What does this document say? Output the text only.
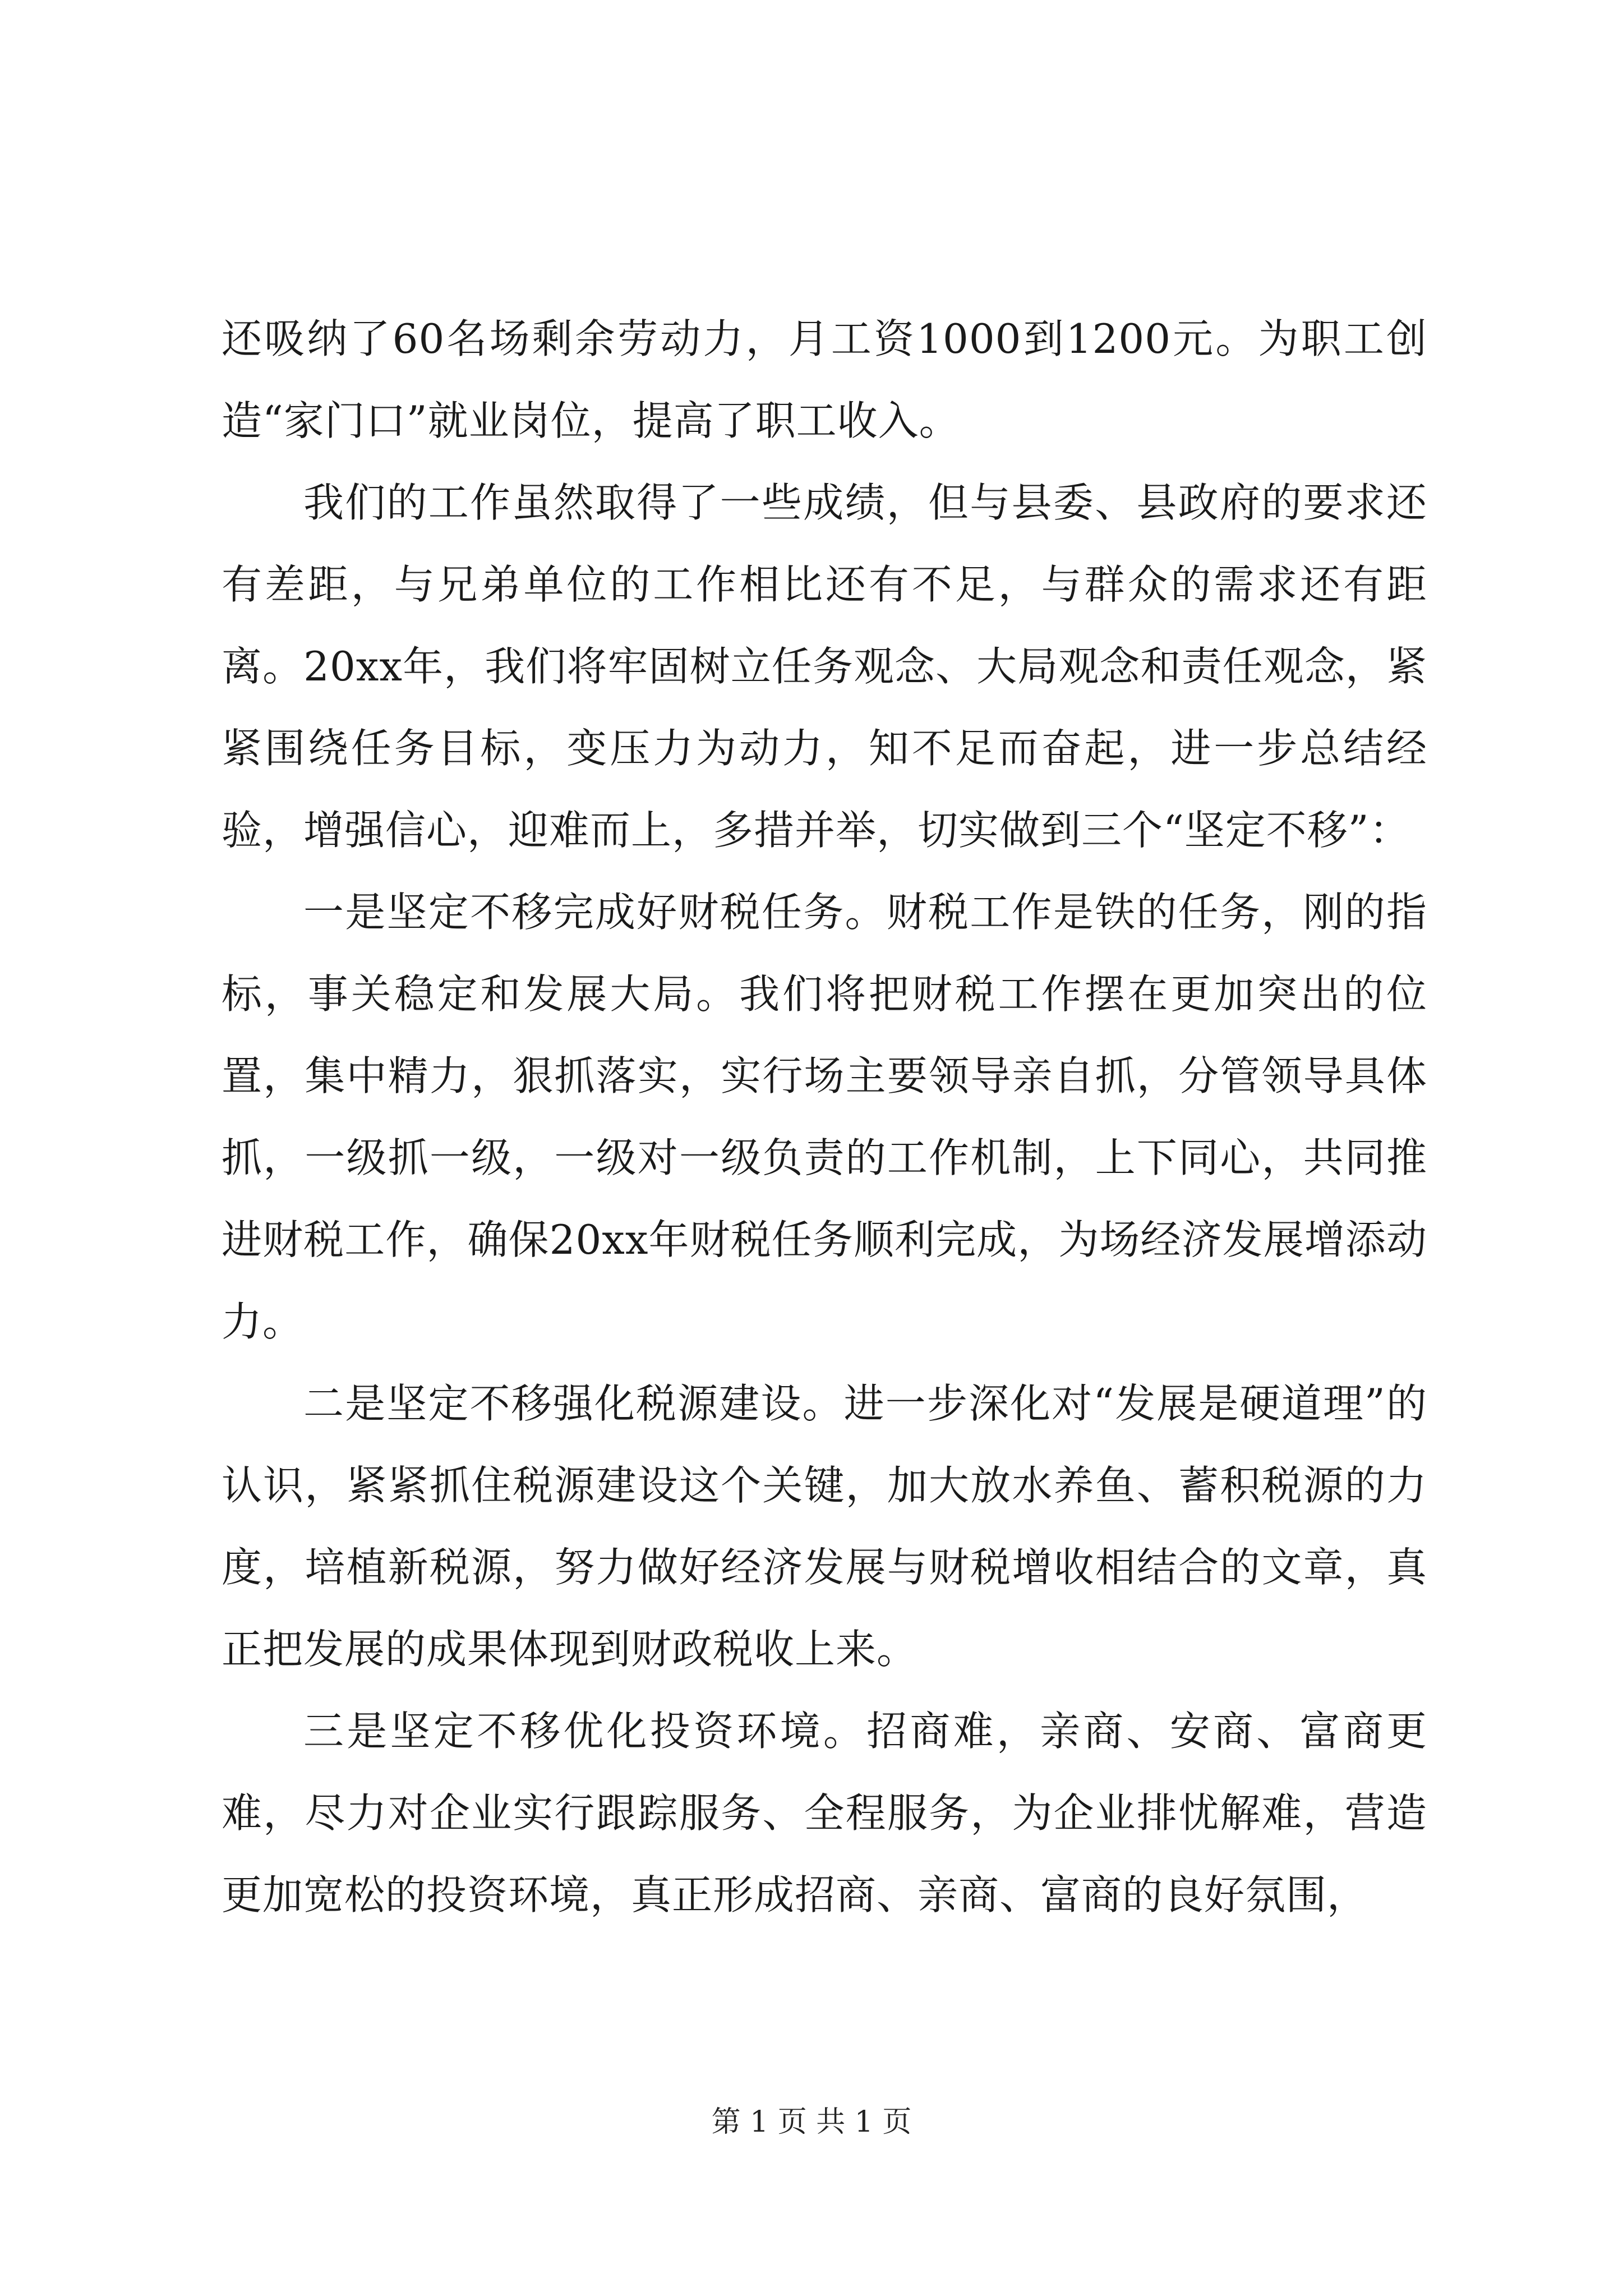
还吸纳了60名场剩余劳动力，月工资1000到1200元。为职工创造“家门口”就业岗位，提高了职工收入。

我们的工作虽然取得了一些成绩，但与县委、县政府的要求还有差距，与兄弟单位的工作相比还有不足，与群众的需求还有距离。20xx年，我们将牢固树立任务观念、大局观念和责任观念，紧紧围绕任务目标，变压力为动力，知不足而奋起，进一步总结经验，增强信心，迎难而上，多措并举，切实做到三个“坚定不移”：

一是坚定不移完成好财税任务。财税工作是铁的任务，刚的指标，事关稳定和发展大局。我们将把财税工作摆在更加突出的位置，集中精力，狠抓落实，实行场主要领导亲自抓，分管领导具体抓，一级抓一级，一级对一级负责的工作机制，上下同心，共同推进财税工作，确保20xx年财税任务顺利完成，为场经济发展增添动力。

二是坚定不移强化税源建设。进一步深化对“发展是硬道理”的认识，紧紧抓住税源建设这个关键，加大放水养鱼、蓄积税源的力度，培植新税源，努力做好经济发展与财税增收相结合的文章，真正把发展的成果体现到财政税收上来。

三是坚定不移优化投资环境。招商难，亲商、安商、富商更难，尽力对企业实行跟踪服务、全程服务，为企业排忧解难，营造更加宽松的投资环境，真正形成招商、亲商、富商的良好氛围，

第 1 页 共 1 页
